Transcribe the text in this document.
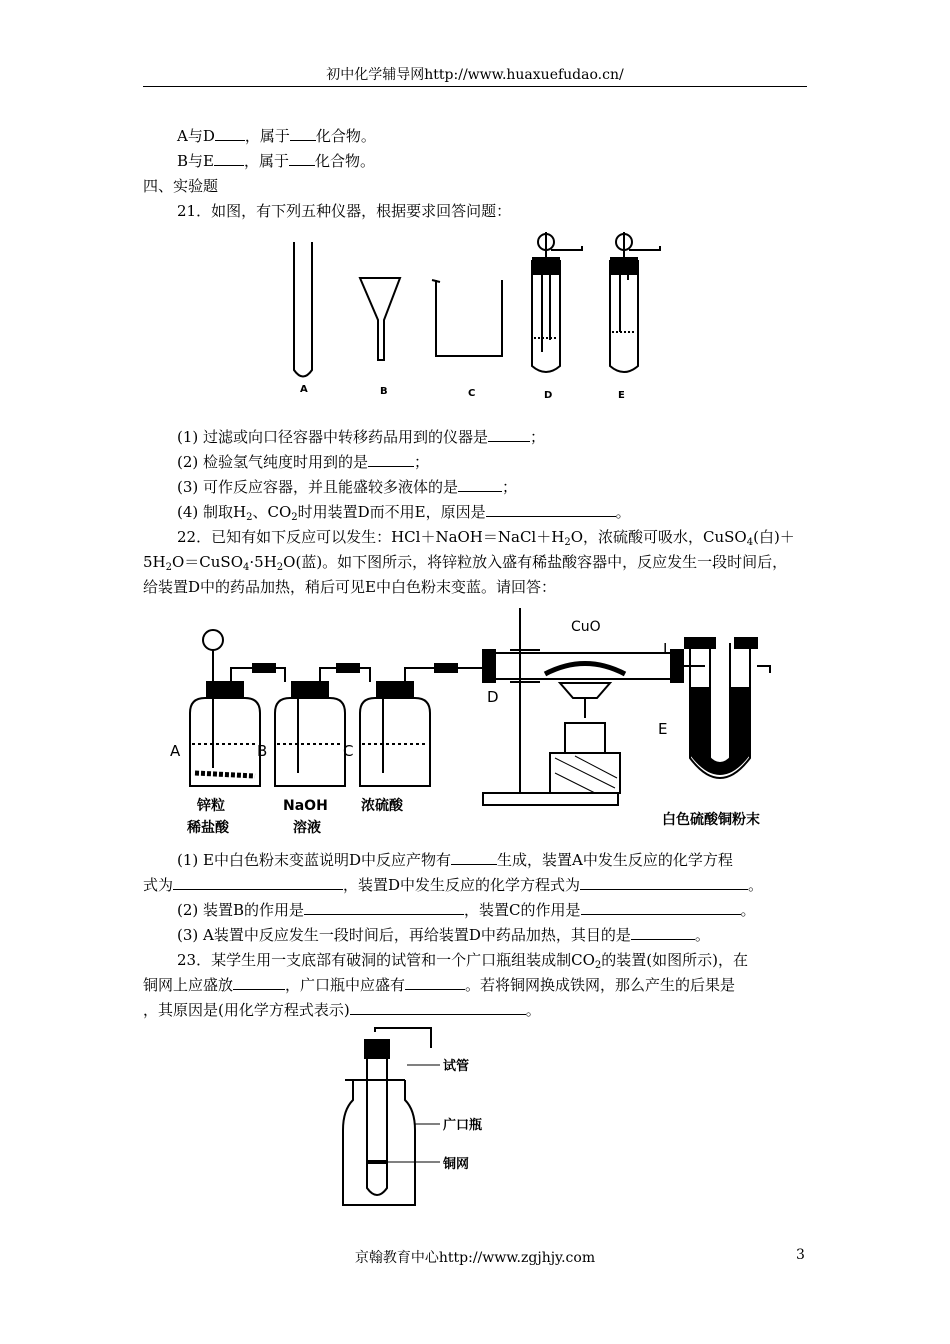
初中化学辅导网http://www.huaxuefudao.cn/
A与D ，属于 化合物。
B与E ，属于 化合物。
四、实验题
21．如图，有下列五种仪器，根据要求回答问题：
A	B	C	D	E
(1) 过滤或向口径容器中转移药品用到的仪器是	；
(2) 检验氢气纯度时用到的是	；
(3) 可作反应容器，并且能盛较多液体的是	；
(4) 制取$H_2$、$CO_2$时用装置D而不用E，原因是	。
22．已知有如下反应可以发生：$HCl+NaOH=NaCl+H_2O$，浓硫酸可吸水，CuSO$_4$(白)＋
$5H_2O=CuSO_4\cdot 5H_2O$(蓝)。如下图所示，将锌粒放入盛有稀盐酸容器中，反应发生一段时间后，
给装置D中的药品加热，稍后可见E中白色粉末变蓝。请回答：
A	B	C
D
E
L
CuO
锌粒
稀盐酸
NaOH
溶液
浓硫酸
白色硫酸铜粉末
(1) E中白色粉末变蓝说明D中反应产物有	生成，装置A中发生反应的化学方程
式为	，装置D中发生反应的化学方程式为	。
(2) 装置B的作用是	，装置C的作用是	。
(3) A装置中反应发生一段时间后，再给装置D中药品加热，其目的是	。
23．某学生用一支底部有破洞的试管和一个广口瓶组装成制$CO_2$的装置(如图所示)，在
铜网上应盛放	，广口瓶中应盛有	。若将铜网换成铁网，那么产生的后果是
，其原因是(用化学方程式表示)	。
试管
广口瓶
铜网
京翰教育中心http://www.zgjhjy.com	3
